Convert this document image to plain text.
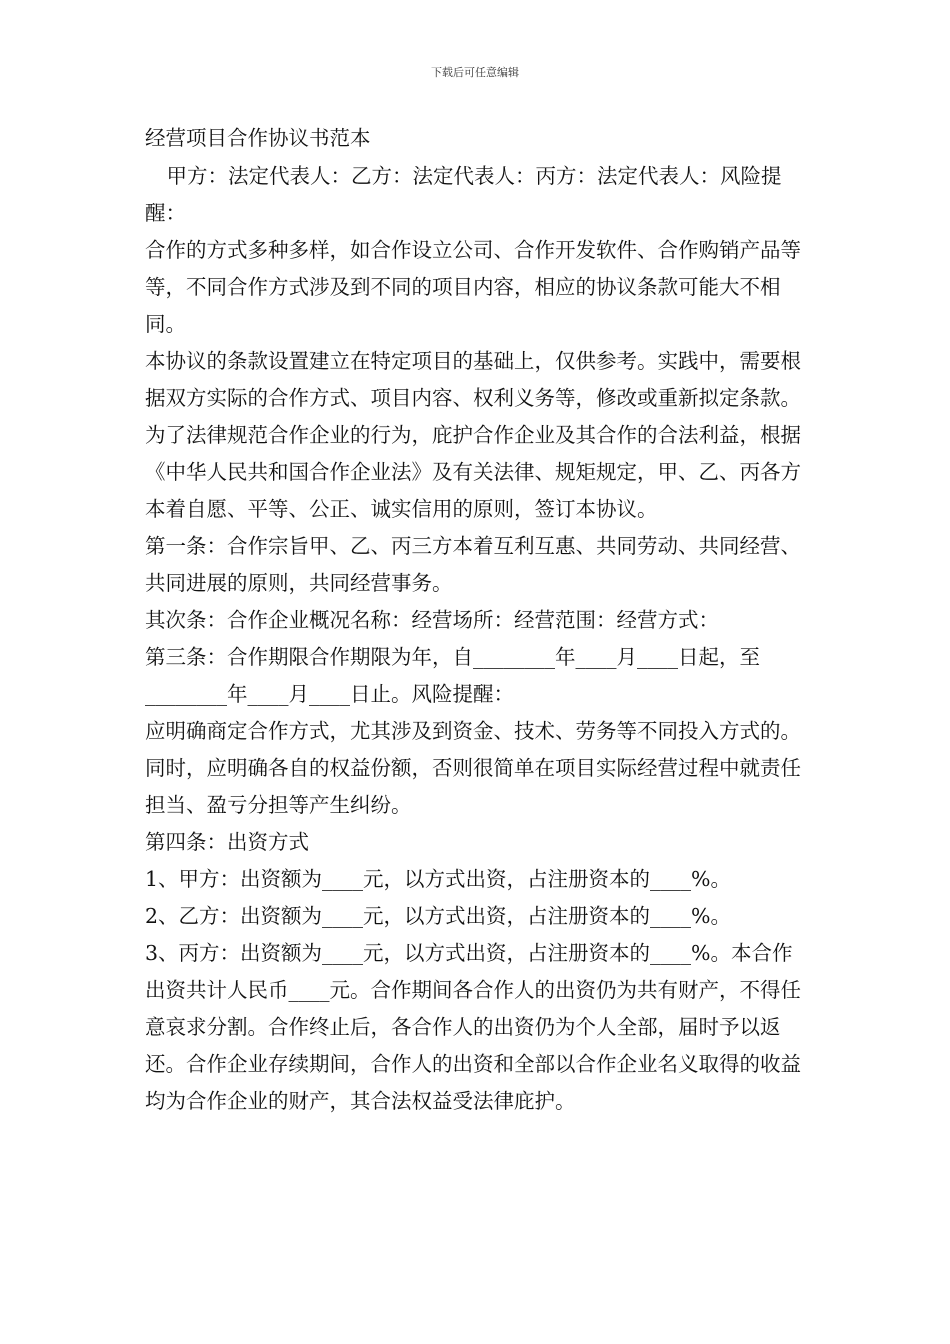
下载后可任意编辑

经营项目合作协议书范本

甲方：法定代表人：乙方：法定代表人：丙方：法定代表人：风险提醒：

合作的方式多种多样，如合作设立公司、合作开发软件、合作购销产品等等，不同合作方式涉及到不同的项目内容，相应的协议条款可能大不相同。

本协议的条款设置建立在特定项目的基础上，仅供参考。实践中，需要根据双方实际的合作方式、项目内容、权利义务等，修改或重新拟定条款。 为了法律规范合作企业的行为，庇护合作企业及其合作的合法利益，根据《中华人民共和国合作企业法》及有关法律、规矩规定，甲、乙、丙各方本着自愿、平等、公正、诚实信用的原则，签订本协议。

第一条：合作宗旨甲、乙、丙三方本着互利互惠、共同劳动、共同经营、共同进展的原则，共同经营事务。

其次条：合作企业概况名称：经营场所：经营范围：经营方式：

第三条：合作期限合作期限为年，自________年____月____日起，至________年____月____日止。风险提醒：

应明确商定合作方式，尤其涉及到资金、技术、劳务等不同投入方式的。同时，应明确各自的权益份额，否则很简单在项目实际经营过程中就责任担当、盈亏分担等产生纠纷。

第四条：出资方式

1、甲方：出资额为____元，以方式出资，占注册资本的____%。

2、乙方：出资额为____元，以方式出资，占注册资本的____%。

3、丙方：出资额为____元，以方式出资，占注册资本的____%。本合作出资共计人民币____元。合作期间各合作人的出资仍为共有财产，不得任意哀求分割。合作终止后，各合作人的出资仍为个人全部，届时予以返还。合作企业存续期间，合作人的出资和全部以合作企业名义取得的收益均为合作企业的财产，其合法权益受法律庇护。
